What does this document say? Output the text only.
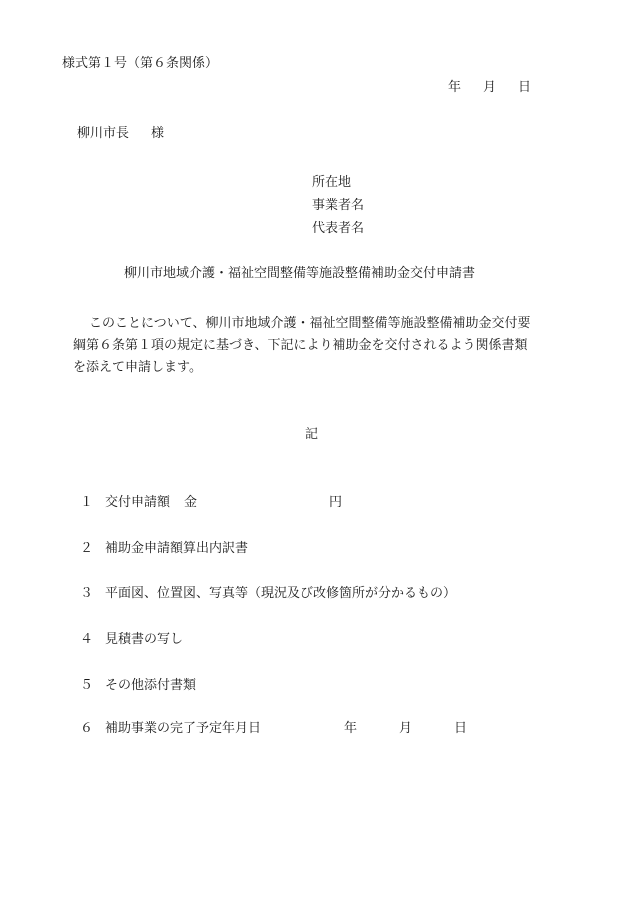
様式第１号（第６条関係）
年 月 日
柳川市長 様
所在地
事業者名
代表者名
柳川市地域介護・福祉空間整備等施設整備補助金交付申請書
このことについて、柳川市地域介護・福祉空間整備等施設整備補助金交付要
綱第６条第１項の規定に基づき、下記により補助金を交付されるよう関係書類
を添えて申請します。
記
１ 交付申請額 金	円
２ 補助金申請額算出内訳書
３ 平面図、位置図、写真等（現況及び改修箇所が分かるもの）
４ 見積書の写し
５ その他添付書類
６ 補助事業の完了予定年月日	年	月	日
